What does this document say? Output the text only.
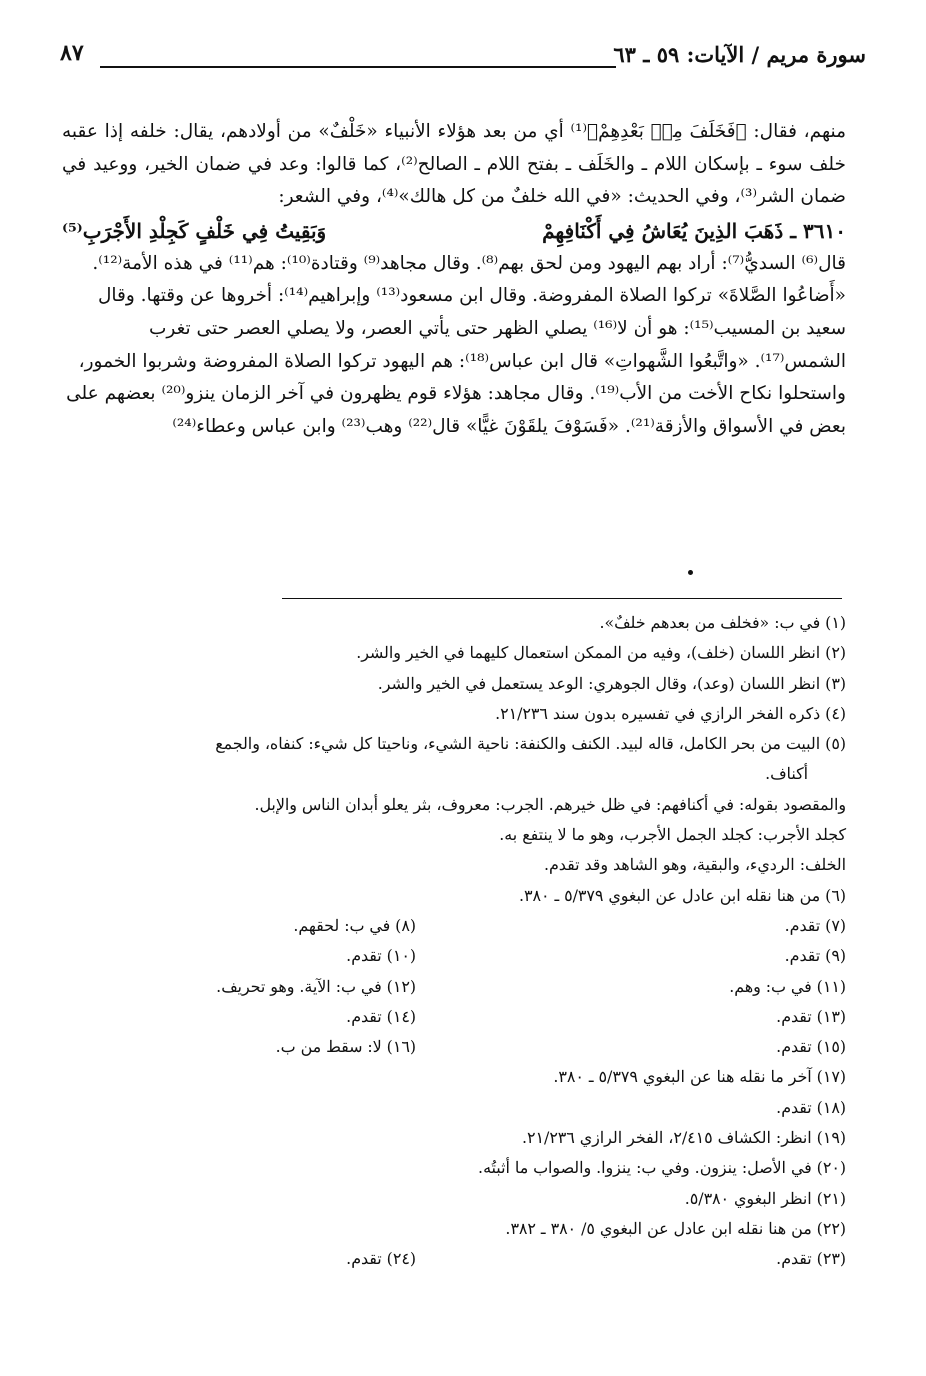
سورة مريم / الآيات: ٥٩ ـ ٦٣
٨٧

منهم، فقال: ﴿فَخَلَفَ مِنۢ بَعْدِهِمْ﴾⁽¹⁾ أي من بعد هؤلاء الأنبياء «خَلْفٌ» من أولادهم، يقال: خلفه إذا عقبه خلف سوء ـ بإسكان اللام ـ والخَلَف ـ بفتح اللام ـ الصالح⁽²⁾، كما قالوا: وعد في ضمان الخير، ووعيد في ضمان الشر⁽³⁾، وفي الحديث: «في الله خلفٌ من كل هالك»⁽⁴⁾، وفي الشعر:

٣٦١٠ ـ ذَهَبَ الذِينَ يُعَاشُ فِي أَكْنَافِهِمْ
وَبَقِيتُ فِي خَلْفٍ كَجِلْدِ الأَجْرَبِ⁽⁵⁾

قال⁽⁶⁾ السديُّ⁽⁷⁾: أراد بهم اليهود ومن لحق بهم⁽⁸⁾. وقال مجاهد⁽⁹⁾ وقتادة⁽¹⁰⁾: هم⁽¹¹⁾ في هذه الأمة⁽¹²⁾. «أَضاعُوا الصَّلاةَ» تركوا الصلاة المفروضة. وقال ابن مسعود⁽¹³⁾ وإبراهيم⁽¹⁴⁾: أخروها عن وقتها. وقال سعيد بن المسيب⁽¹⁵⁾: هو أن لا⁽¹⁶⁾ يصلي الظهر حتى يأتي العصر، ولا يصلي العصر حتى تغرب الشمس⁽¹⁷⁾. «واتَّبعُوا الشَّهواتِ» قال ابن عباس⁽¹⁸⁾: هم اليهود تركوا الصلاة المفروضة وشربوا الخمور، واستحلوا نكاح الأخت من الأب⁽¹⁹⁾. وقال مجاهد: هؤلاء قوم يظهرون في آخر الزمان ينزو⁽²⁰⁾ بعضهم على بعض في الأسواق والأزقة⁽²¹⁾. «فَسَوْفَ يلقَوْنَ غيًّا» قال⁽²²⁾ وهب⁽²³⁾ وابن عباس وعطاء⁽²⁴⁾

(١) في ب: «فخلف من بعدهم خلفٌ».
(٢) انظر اللسان (خلف)، وفيه من الممكن استعمال كليهما في الخير والشر.
(٣) انظر اللسان (وعد)، وقال الجوهري: الوعد يستعمل في الخير والشر.
(٤) ذكره الفخر الرازي في تفسيره بدون سند ٢١/٢٣٦.
(٥) البيت من بحر الكامل، قاله لبيد. الكنف والكنفة: ناحية الشيء، وناحيتا كل شيء: كنفاه، والجمع
أكناف.
والمقصود بقوله: في أكنافهم: في ظل خيرهم. الجرب: معروف، بثر يعلو أبدان الناس والإبل.
كجلد الأجرب: كجلد الجمل الأجرب، وهو ما لا ينتفع به.
الخلف: الرديء، والبقية، وهو الشاهد وقد تقدم.
(٦) من هنا نقله ابن عادل عن البغوي ٥/٣٧٩ ـ ٣٨٠.
(٧) تقدم.
(٨) في ب: لحقهم.
(٩) تقدم.
(١٠) تقدم.
(١١) في ب: وهم.
(١٢) في ب: الآية. وهو تحريف.
(١٣) تقدم.
(١٤) تقدم.
(١٥) تقدم.
(١٦) لا: سقط من ب.
(١٧) آخر ما نقله هنا عن البغوي ٥/٣٧٩ ـ ٣٨٠.
(١٨) تقدم.
(١٩) انظر: الكشاف ٢/٤١٥، الفخر الرازي ٢١/٢٣٦.
(٢٠) في الأصل: ينزون. وفي ب: ينزوا. والصواب ما أثبتُه.
(٢١) انظر البغوي ٥/٣٨٠.
(٢٢) من هنا نقله ابن عادل عن البغوي ٥/ ٣٨٠ ـ ٣٨٢.
(٢٣) تقدم.
(٢٤) تقدم.
